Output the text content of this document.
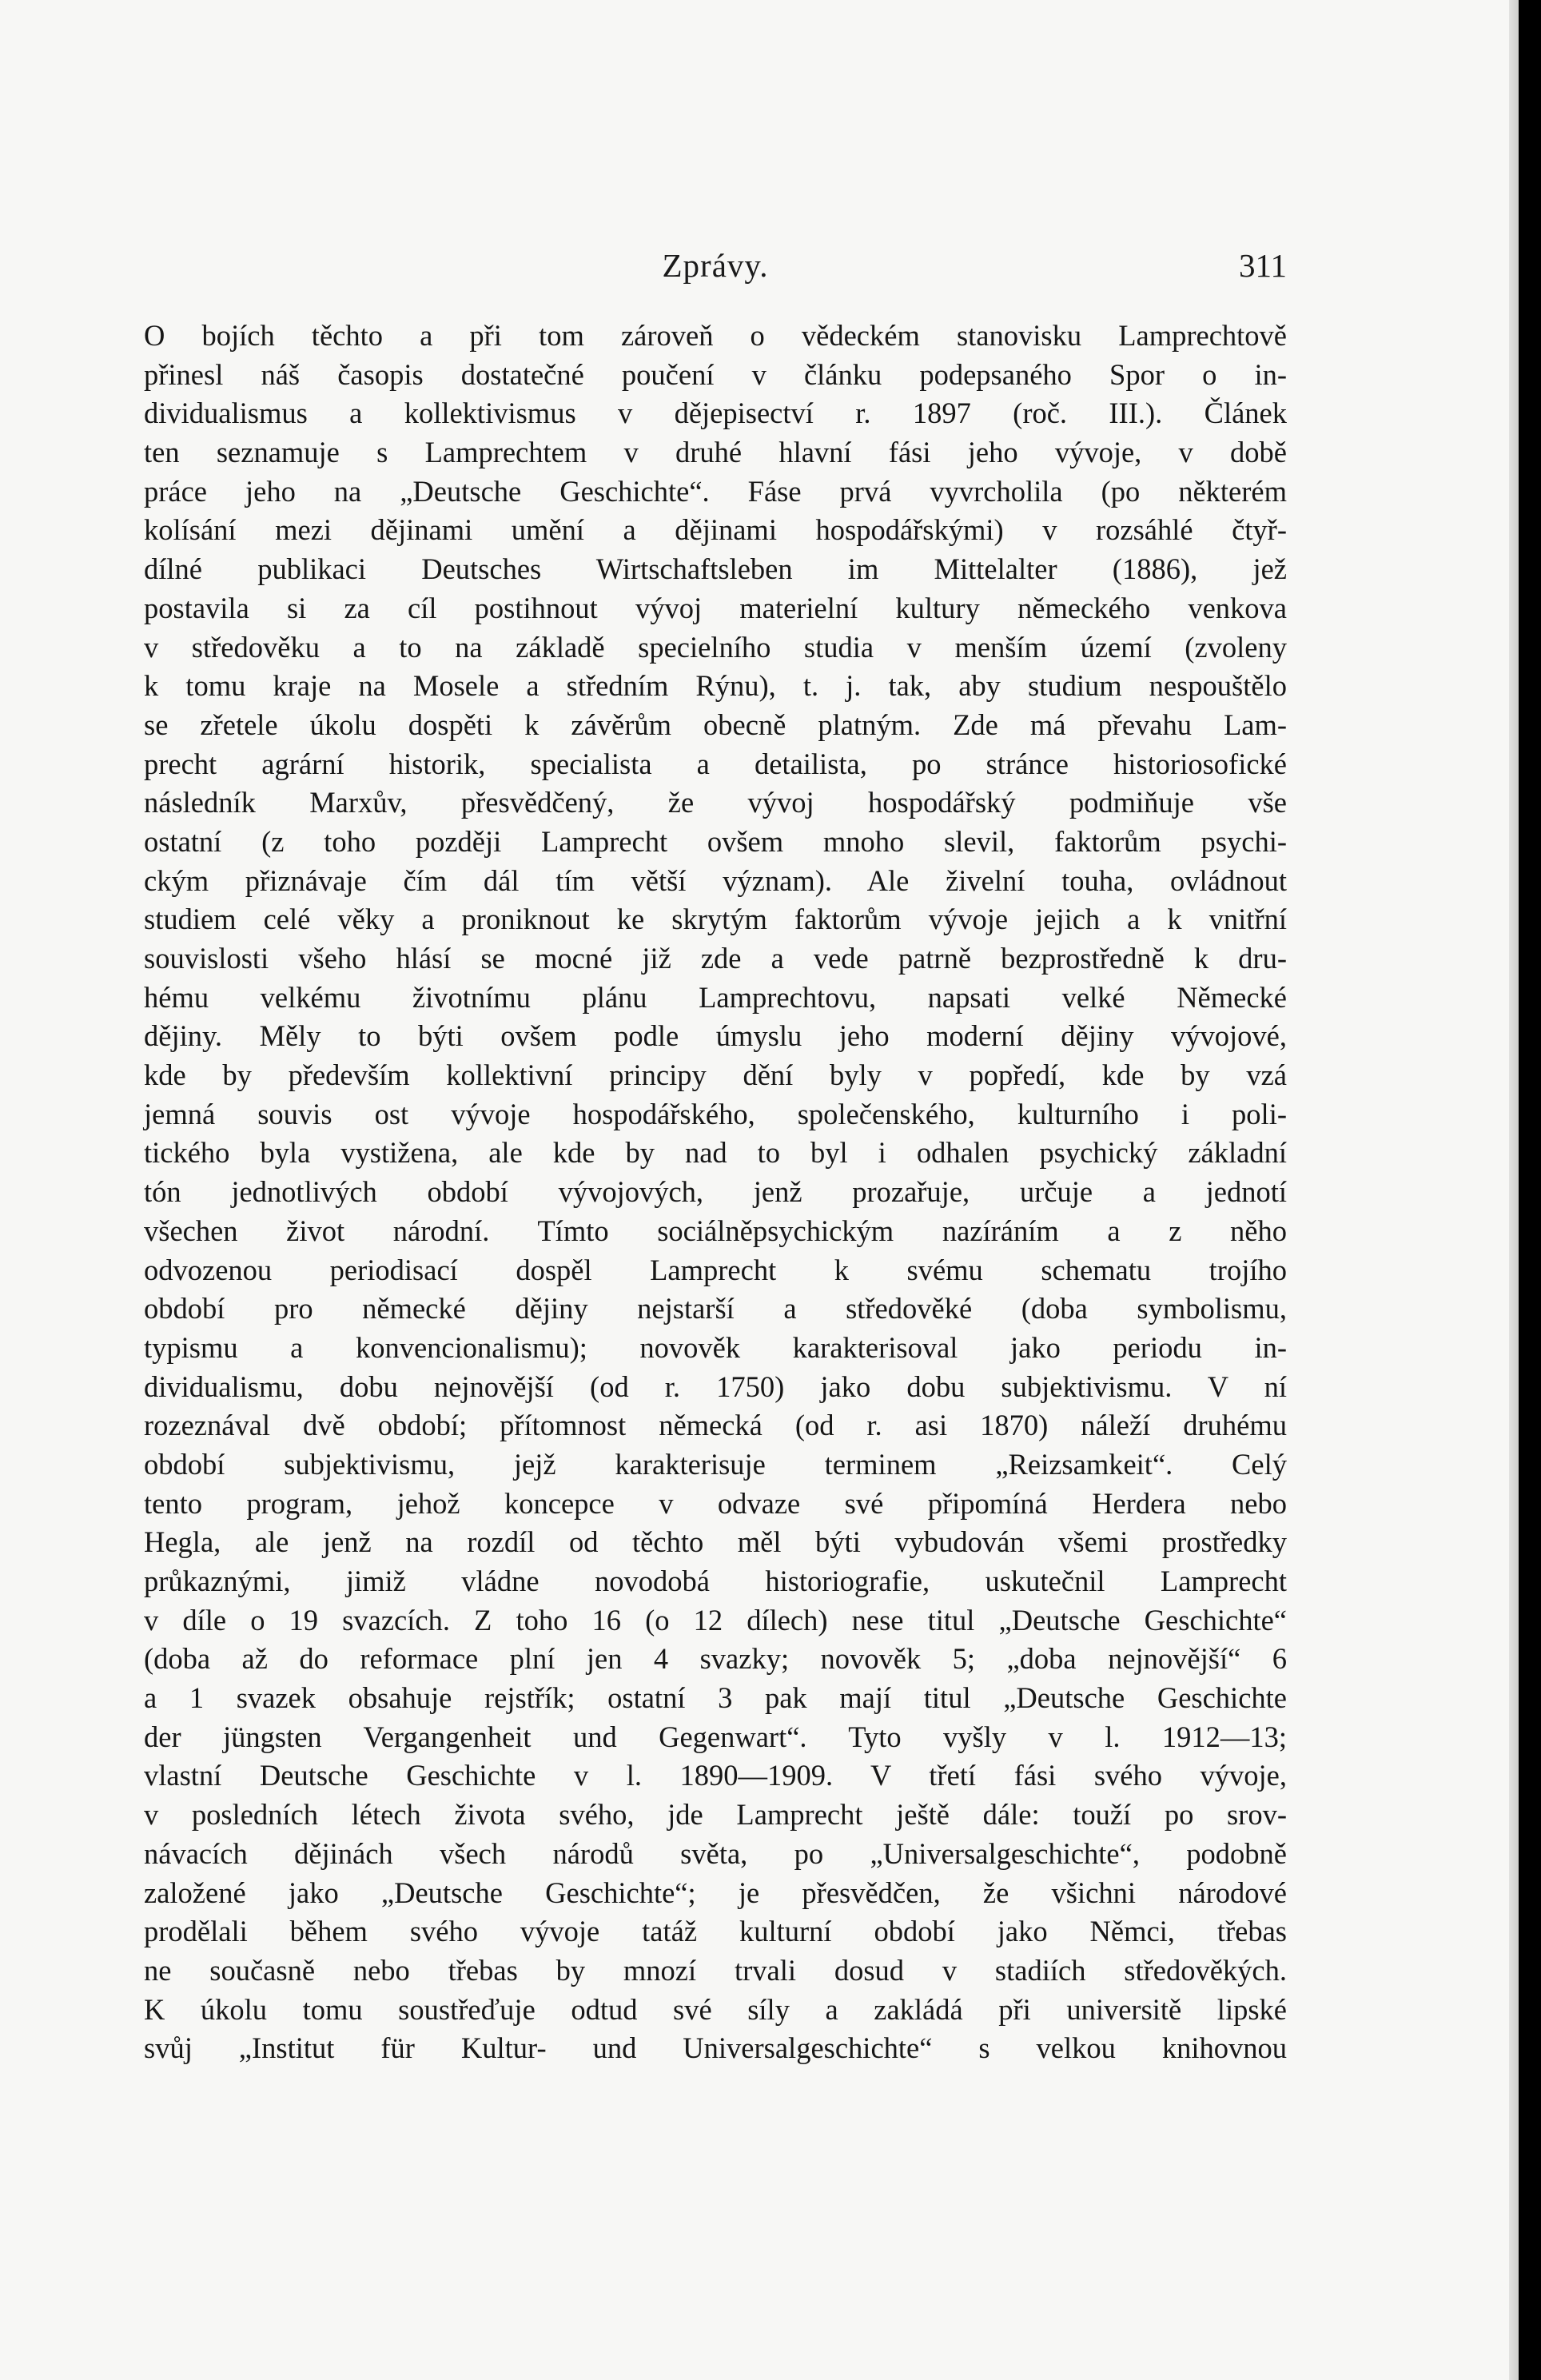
Zprávy.	311
O bojích těchto a při tom zároveň o vědeckém stanovisku Lamprechtově
přinesl náš časopis dostatečné poučení v článku podepsaného Spor o in-
dividualismus a kollektivismus v dějepisectví r. 1897 (roč. III.). Článek
ten seznamuje s Lamprechtem v druhé hlavní fási jeho vývoje, v době
práce jeho na „Deutsche Geschichte“. Fáse prvá vyvrcholila (po některém
kolísání mezi dějinami umění a dějinami hospodářskými) v rozsáhlé čtyř-
dílné publikaci Deutsches Wirtschaftsleben im Mittelalter (1886), jež
postavila si za cíl postihnout vývoj materielní kultury německého venkova
v středověku a to na základě specielního studia v menším území (zvoleny
k tomu kraje na Mosele a středním Rýnu), t. j. tak, aby studium nespouštělo
se zřetele úkolu dospěti k závěrům obecně platným. Zde má převahu Lam-
precht agrární historik, specialista a detailista, po stránce historiosofické
následník Marxův, přesvědčený, že vývoj hospodářský podmiňuje vše
ostatní (z toho později Lamprecht ovšem mnoho slevil, faktorům psychi-
ckým přiznávaje čím dál tím větší význam). Ale živelní touha, ovládnout
studiem celé věky a proniknout ke skrytým faktorům vývoje jejich a k vnitřní
souvislosti všeho hlásí se mocné již zde a vede patrně bezprostředně k dru-
hému velkému životnímu plánu Lamprechtovu, napsati velké Německé
dějiny. Měly to býti ovšem podle úmyslu jeho moderní dějiny vývojové,
kde by především kollektivní principy dění byly v popředí, kde by vzá
jemná souvis ost vývoje hospodářského, společenského, kulturního i poli-
tického byla vystižena, ale kde by nad to byl i odhalen psychický základní
tón jednotlivých období vývojových, jenž prozařuje, určuje a jednotí
všechen život národní. Tímto sociálněpsychickým nazíráním a z něho
odvozenou periodisací dospěl Lamprecht k svému schematu trojího
období pro německé dějiny nejstarší a středověké (doba symbolismu,
typismu a konvencionalismu); novověk karakterisoval jako periodu in-
dividualismu, dobu nejnovější (od r. 1750) jako dobu subjektivismu. V ní
rozeznával dvě období; přítomnost německá (od r. asi 1870) náleží druhému
období subjektivismu, jejž karakterisuje terminem „Reizsamkeit“. Celý
tento program, jehož koncepce v odvaze své připomíná Herdera nebo
Hegla, ale jenž na rozdíl od těchto měl býti vybudován všemi prostředky
průkaznými, jimiž vládne novodobá historiografie, uskutečnil Lamprecht
v díle o 19 svazcích. Z toho 16 (o 12 dílech) nese titul „Deutsche Geschichte“
(doba až do reformace plní jen 4 svazky; novověk 5; „doba nejnovější“ 6
a 1 svazek obsahuje rejstřík; ostatní 3 pak mají titul „Deutsche Geschichte
der jüngsten Vergangenheit und Gegenwart“. Tyto vyšly v l. 1912—13;
vlastní Deutsche Geschichte v l. 1890—1909. V třetí fási svého vývoje,
v posledních létech života svého, jde Lamprecht ještě dále: touží po srov-
návacích dějinách všech národů světa, po „Universalgeschichte“, podobně
založené jako „Deutsche Geschichte“; je přesvědčen, že všichni národové
prodělali během svého vývoje tatáž kulturní období jako Němci, třebas
ne současně nebo třebas by mnozí trvali dosud v stadiích středověkých.
K úkolu tomu soustřeďuje odtud své síly a zakládá při universitě lipské
svůj „Institut für Kultur- und Universalgeschichte“ s velkou knihovnou
